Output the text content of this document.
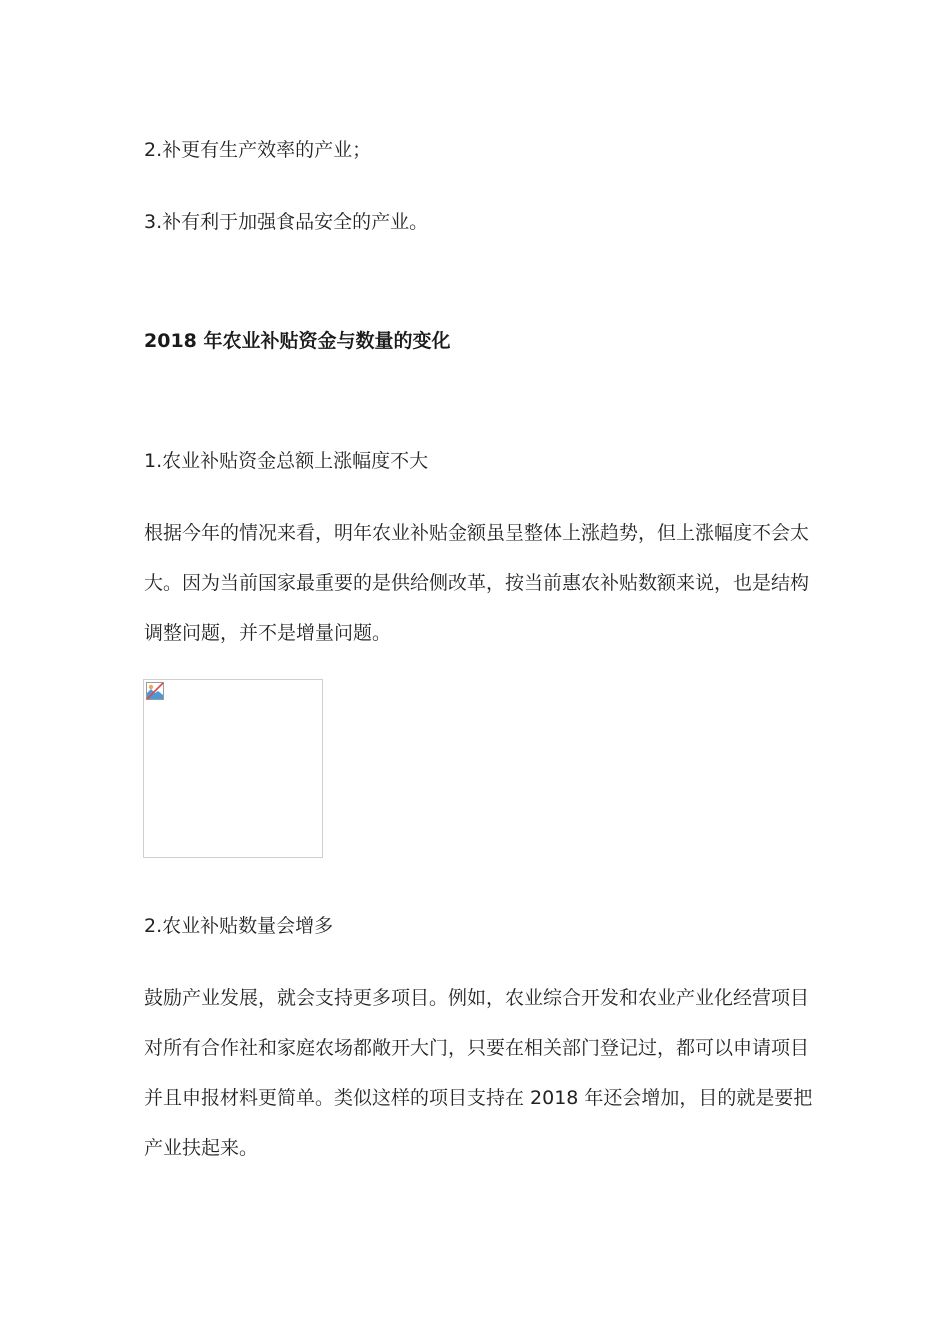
2.补更有生产效率的产业；
3.补有利于加强食品安全的产业。
2018 年农业补贴资金与数量的变化
1.农业补贴资金总额上涨幅度不大
根据今年的情况来看，明年农业补贴金额虽呈整体上涨趋势，但上涨幅度不会太
大。因为当前国家最重要的是供给侧改革，按当前惠农补贴数额来说，也是结构
调整问题，并不是增量问题。
2.农业补贴数量会增多
鼓励产业发展，就会支持更多项目。例如，农业综合开发和农业产业化经营项目
对所有合作社和家庭农场都敞开大门，只要在相关部门登记过，都可以申请项目
并且申报材料更简单。类似这样的项目支持在 2018 年还会增加，目的就是要把
产业扶起来。
